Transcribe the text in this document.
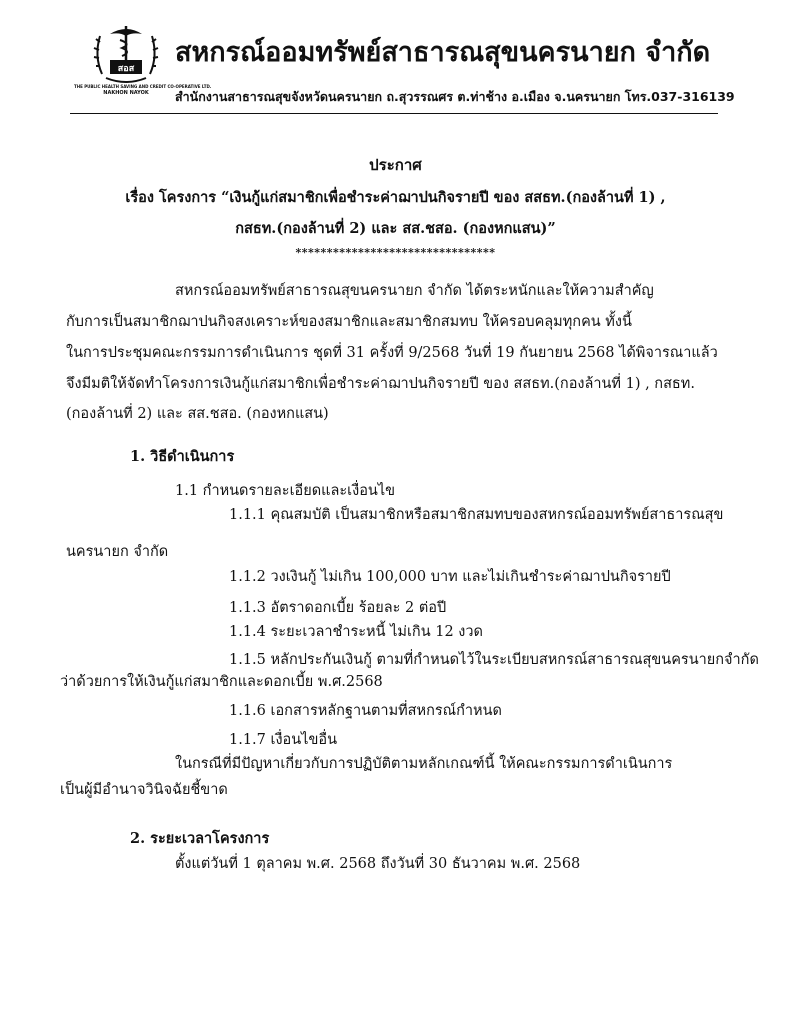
สอส
THE PUBLIC HEALTH SAVING AND CREDIT CO-OPERATIVE LTD.
NAKHON NAYOK
สหกรณ์ออมทรัพย์สาธารณสุขนครนายก จำกัด
สำนักงานสาธารณสุขจังหวัดนครนายก ถ.สุวรรณศร ต.ท่าช้าง อ.เมือง จ.นครนายก โทร.037-316139
ประกาศ
เรื่อง โครงการ “เงินกู้แก่สมาชิกเพื่อชำระค่าฌาปนกิจรายปี ของ สสธท.(กองล้านที่ 1) ,
กสธท.(กองล้านที่ 2) และ สส.ชสอ. (กองหกแสน)”
********************************
สหกรณ์ออมทรัพย์สาธารณสุขนครนายก จำกัด ได้ตระหนักและให้ความสำคัญ
กับการเป็นสมาชิกฌาปนกิจสงเคราะห์ของสมาชิกและสมาชิกสมทบ ให้ครอบคลุมทุกคน ทั้งนี้
ในการประชุมคณะกรรมการดำเนินการ ชุดที่ 31 ครั้งที่ 9/2568 วันที่ 19 กันยายน 2568 ได้พิจารณาแล้ว
จึงมีมติให้จัดทำโครงการเงินกู้แก่สมาชิกเพื่อชำระค่าฌาปนกิจรายปี ของ สสธท.(กองล้านที่ 1) , กสธท.
(กองล้านที่ 2) และ สส.ชสอ. (กองหกแสน)
1. วิธีดำเนินการ
1.1 กำหนดรายละเอียดและเงื่อนไข
1.1.1 คุณสมบัติ เป็นสมาชิกหรือสมาชิกสมทบของสหกรณ์ออมทรัพย์สาธารณสุข
นครนายก จำกัด
1.1.2 วงเงินกู้ ไม่เกิน 100,000 บาท และไม่เกินชำระค่าฌาปนกิจรายปี
1.1.3 อัตราดอกเบี้ย ร้อยละ 2 ต่อปี
1.1.4 ระยะเวลาชำระหนี้ ไม่เกิน 12 งวด
1.1.5 หลักประกันเงินกู้ ตามที่กำหนดไว้ในระเบียบสหกรณ์สาธารณสุขนครนายกจำกัด
ว่าด้วยการให้เงินกู้แก่สมาชิกและดอกเบี้ย พ.ศ.2568
1.1.6 เอกสารหลักฐานตามที่สหกรณ์กำหนด
1.1.7 เงื่อนไขอื่น
ในกรณีที่มีปัญหาเกี่ยวกับการปฏิบัติตามหลักเกณฑ์นี้ ให้คณะกรรมการดำเนินการ
เป็นผู้มีอำนาจวินิจฉัยชี้ขาด
2. ระยะเวลาโครงการ
ตั้งแต่วันที่ 1 ตุลาคม พ.ศ. 2568 ถึงวันที่ 30 ธันวาคม พ.ศ. 2568
